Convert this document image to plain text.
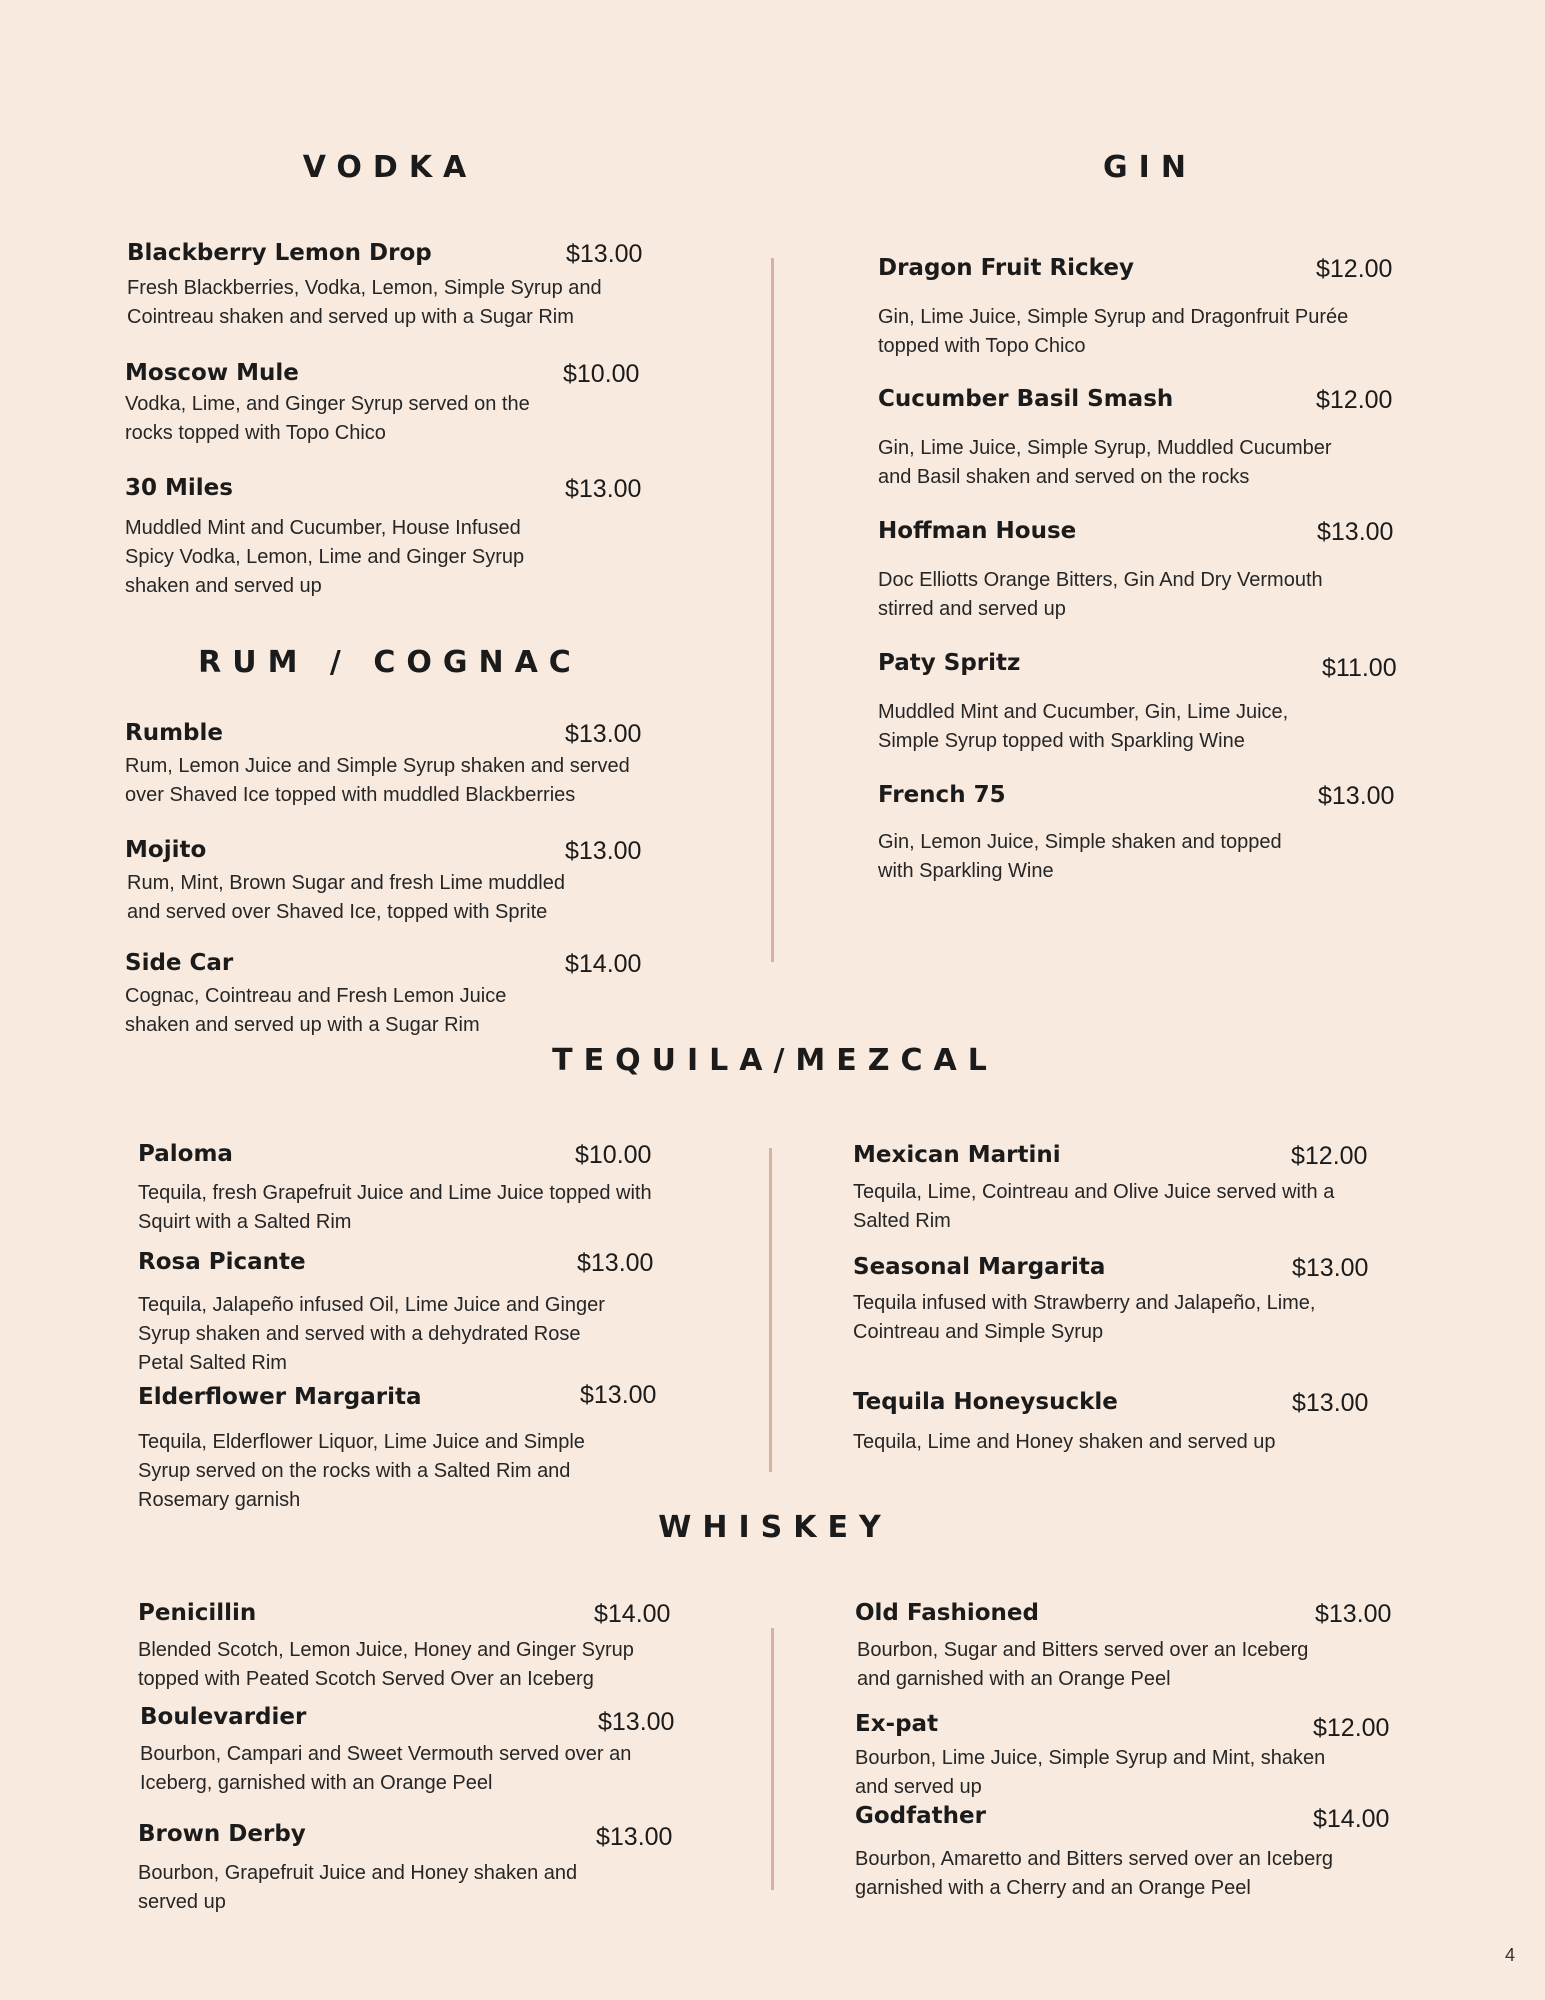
VODKA	GIN
RUM / COGNAC
TEQUILA/MEZCAL
WHISKEY
Blackberry Lemon Drop	$13.00

Fresh Blackberries, Vodka, Lemon, Simple Syrup and Cointreau shaken and served up with a Sugar Rim

Moscow Mule	$10.00

Vodka, Lime, and Ginger Syrup served on the rocks topped with Topo Chico

30 Miles	$13.00

Muddled Mint and Cucumber, House Infused Spicy Vodka, Lemon, Lime and Ginger Syrup shaken and served up

Rumble	$13.00

Rum, Lemon Juice and Simple Syrup shaken and served over Shaved Ice topped with muddled Blackberries

Mojito	$13.00

Rum, Mint, Brown Sugar and fresh Lime muddled and served over Shaved Ice, topped with Sprite

Side Car	$14.00

Cognac, Cointreau and Fresh Lemon Juice shaken and served up with a Sugar Rim

Dragon Fruit Rickey	$12.00

Gin, Lime Juice, Simple Syrup and Dragonfruit Purée topped with Topo Chico

Cucumber Basil Smash	$12.00

Gin, Lime Juice, Simple Syrup, Muddled Cucumber and Basil shaken and served on the rocks

Hoffman House	$13.00

Doc Elliotts Orange Bitters, Gin And Dry Vermouth stirred and served up

Paty Spritz	$11.00

Muddled Mint and Cucumber, Gin, Lime Juice, Simple Syrup topped with Sparkling Wine

French 75	$13.00

Gin, Lemon Juice, Simple shaken and topped with Sparkling Wine

Paloma	$10.00

Tequila, fresh Grapefruit Juice and Lime Juice topped with Squirt with a Salted Rim

Rosa Picante	$13.00

Tequila, Jalapeño infused Oil, Lime Juice and Ginger Syrup shaken and served with a dehydrated Rose Petal Salted Rim

Elderflower Margarita	$13.00

Tequila, Elderflower Liquor, Lime Juice and Simple Syrup served on the rocks with a Salted Rim and Rosemary garnish

Mexican Martini	$12.00

Tequila, Lime, Cointreau and Olive Juice served with a Salted Rim

Seasonal Margarita	$13.00

Tequila infused with Strawberry and Jalapeño, Lime, Cointreau and Simple Syrup

Tequila Honeysuckle	$13.00

Tequila, Lime and Honey shaken and served up

Penicillin	$14.00

Blended Scotch, Lemon Juice, Honey and Ginger Syrup topped with Peated Scotch Served Over an Iceberg

Boulevardier	$13.00

Bourbon, Campari and Sweet Vermouth served over an Iceberg, garnished with an Orange Peel

Brown Derby	$13.00

Bourbon, Grapefruit Juice and Honey shaken and served up

Old Fashioned	$13.00

Bourbon, Sugar and Bitters served over an Iceberg and garnished with an Orange Peel

Ex-pat	$12.00

Bourbon, Lime Juice, Simple Syrup and Mint, shaken and served up

Godfather	$14.00

Bourbon, Amaretto and Bitters served over an Iceberg garnished with a Cherry and an Orange Peel

4
